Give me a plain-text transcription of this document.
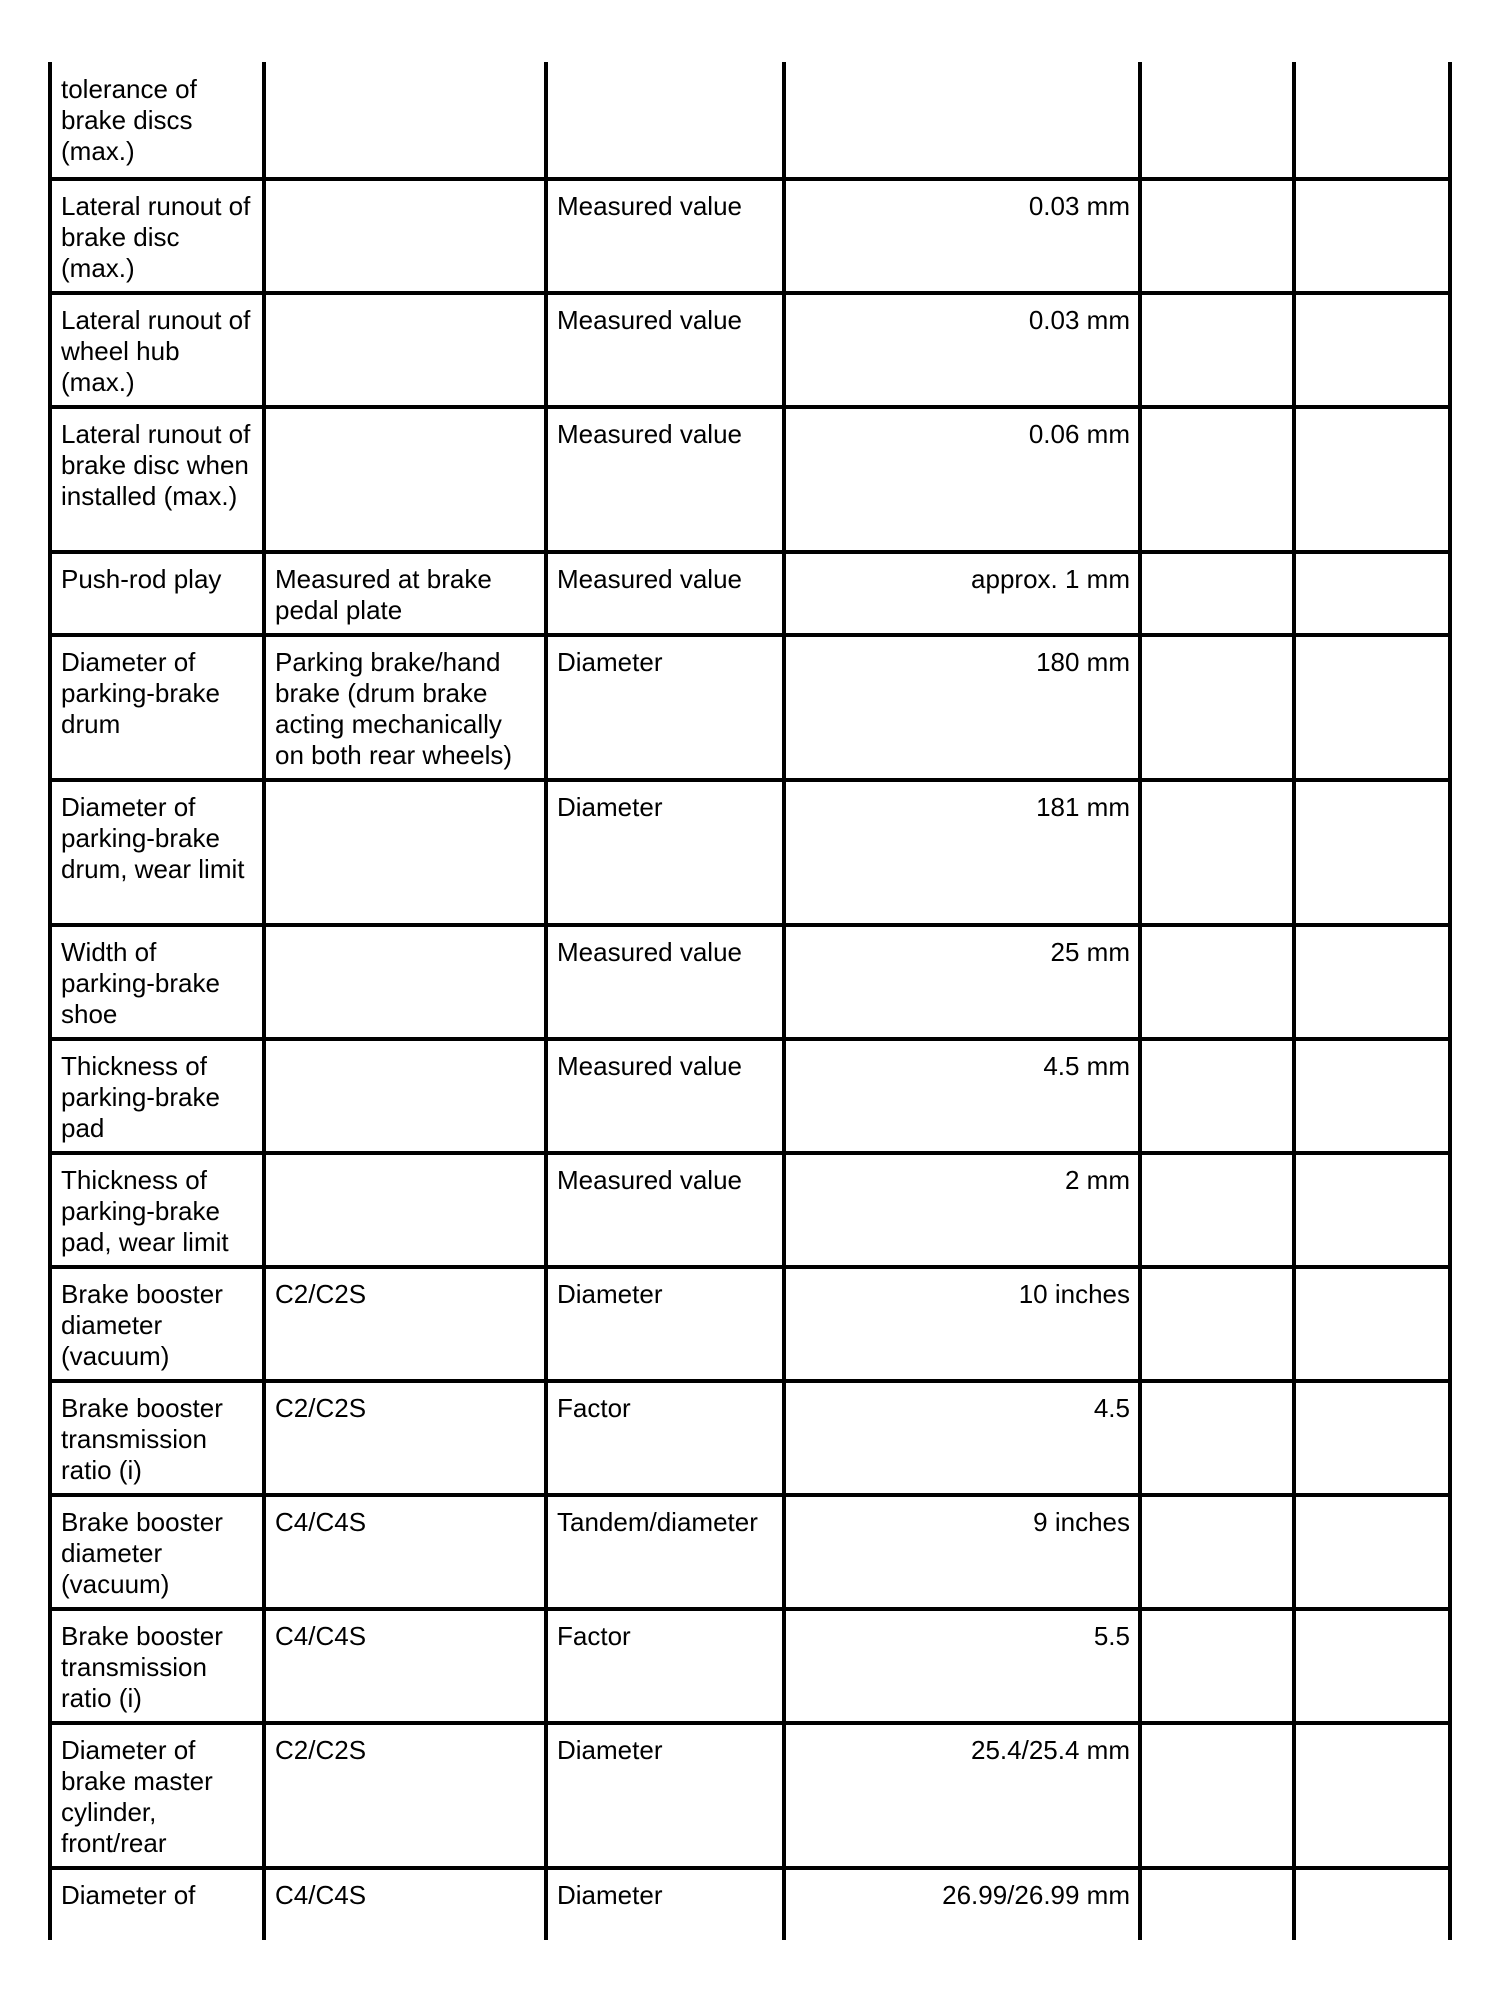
tolerance of brake discs (max.)					
Lateral runout of brake disc (max.)		Measured value	0.03 mm		
Lateral runout of wheel hub (max.)		Measured value	0.03 mm		
Lateral runout of brake disc when installed (max.)		Measured value	0.06 mm		
Push-rod play	Measured at brake pedal plate	Measured value	approx. 1 mm		
Diameter of parking-brake drum	Parking brake/hand brake (drum brake acting mechanically on both rear wheels)	Diameter	180 mm		
Diameter of parking-brake drum, wear limit		Diameter	181 mm		
Width of parking-brake shoe		Measured value	25 mm		
Thickness of parking-brake pad		Measured value	4.5 mm		
Thickness of parking-brake pad, wear limit		Measured value	2 mm		
Brake booster diameter (vacuum)	C2/C2S	Diameter	10 inches		
Brake booster transmission ratio (i)	C2/C2S	Factor	4.5		
Brake booster diameter (vacuum)	C4/C4S	Tandem/diameter	9 inches		
Brake booster transmission ratio (i)	C4/C4S	Factor	5.5		
Diameter of brake master cylinder, front/rear	C2/C2S	Diameter	25.4/25.4 mm		
Diameter of	C4/C4S	Diameter	26.99/26.99 mm		
